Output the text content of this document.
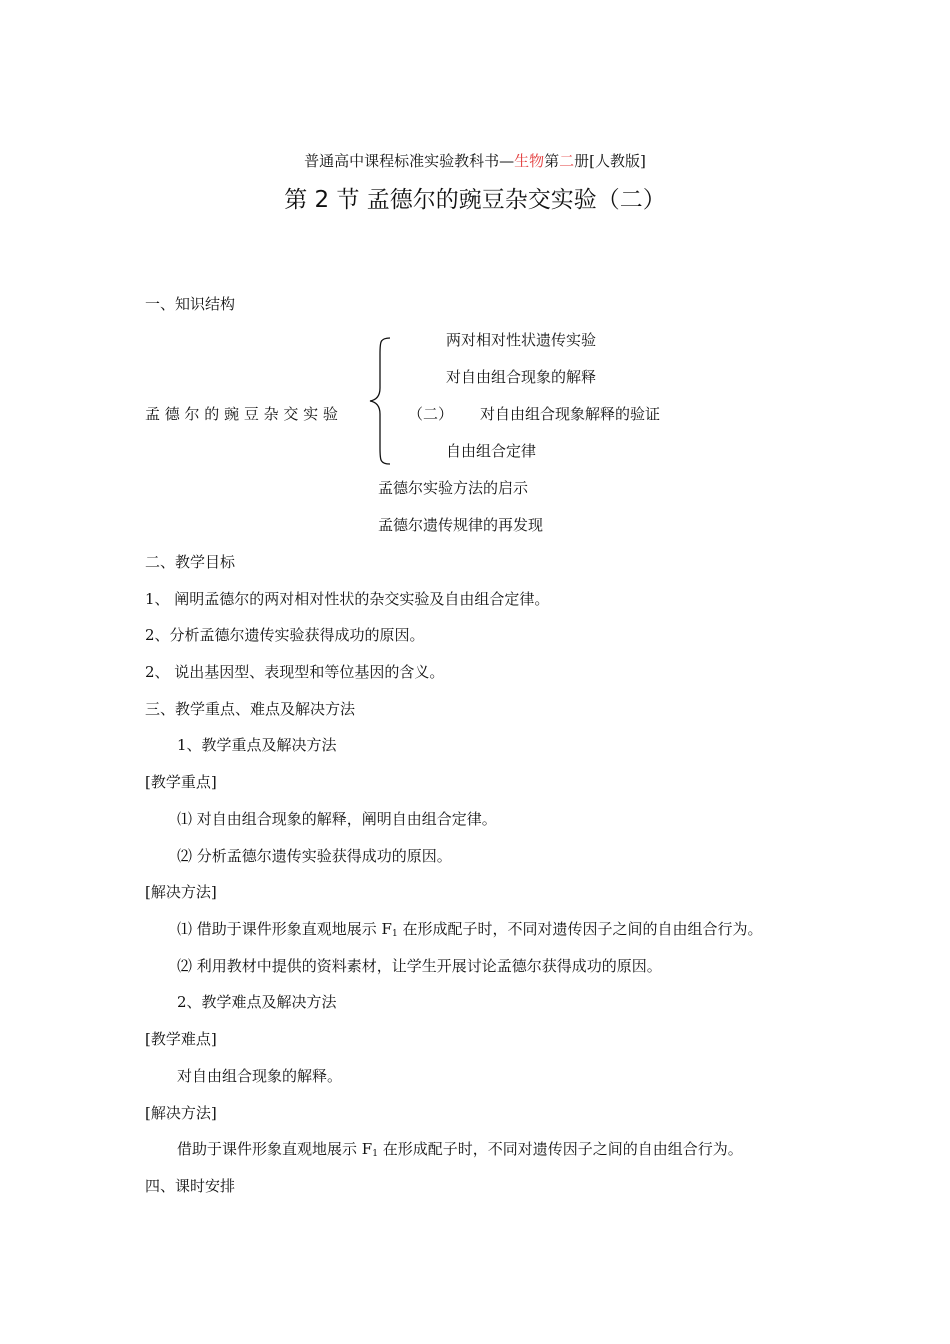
普通高中课程标准实验教科书—生物第二册[人教版]
第 2 节 孟德尔的豌豆杂交实验（二）
一、知识结构
孟 德 尔 的 豌 豆 杂 交 实 验
两对相对性状遗传实验
对自由组合现象的解释
（二） 对自由组合现象解释的验证
自由组合定律
孟德尔实验方法的启示
孟德尔遗传规律的再发现
二、教学目标
1、 阐明孟德尔的两对相对性状的杂交实验及自由组合定律。
2、分析孟德尔遗传实验获得成功的原因。
2、 说出基因型、表现型和等位基因的含义。
三、教学重点、难点及解决方法
1、教学重点及解决方法
[教学重点]
⑴ 对自由组合现象的解释，阐明自由组合定律。
⑵ 分析孟德尔遗传实验获得成功的原因。
[解决方法]
⑴ 借助于课件形象直观地展示 $F_1$ 在形成配子时，不同对遗传因子之间的自由组合行为。
⑵ 利用教材中提供的资料素材，让学生开展讨论孟德尔获得成功的原因。
2、教学难点及解决方法
[教学难点]
对自由组合现象的解释。
[解决方法]
借助于课件形象直观地展示 $F_1$ 在形成配子时，不同对遗传因子之间的自由组合行为。
四、课时安排
